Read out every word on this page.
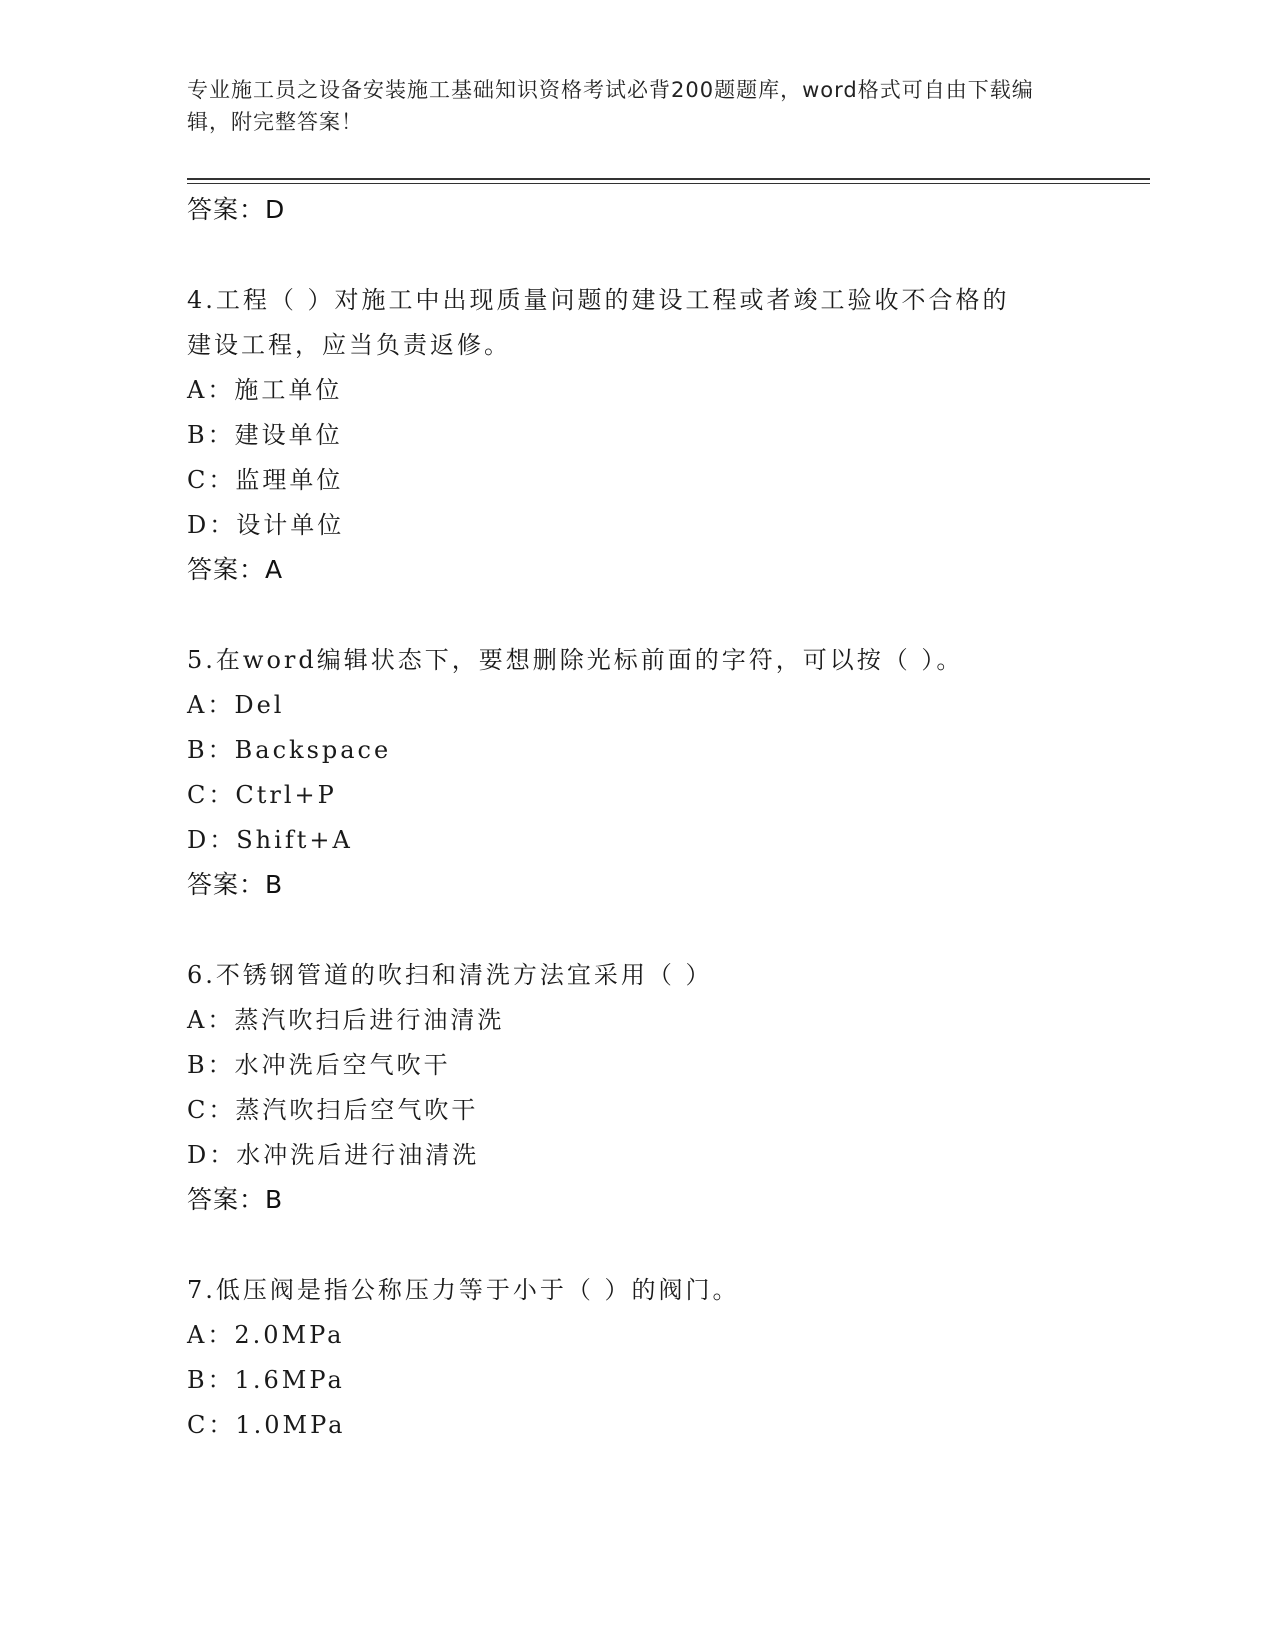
专业施工员之设备安装施工基础知识资格考试必背200题题库，word格式可自由下载编辑，附完整答案！
答案：D
4.工程（ ）对施工中出现质量问题的建设工程或者竣工验收不合格的
建设工程，应当负责返修。
A：施工单位
B：建设单位
C：监理单位
D：设计单位
答案：A
5.在word编辑状态下，要想删除光标前面的字符，可以按（ ）。
A：Del
B：Backspace
C：Ctrl+P
D：Shift+A
答案：B
6.不锈钢管道的吹扫和清洗方法宜采用（ ）
A：蒸汽吹扫后进行油清洗
B：水冲洗后空气吹干
C：蒸汽吹扫后空气吹干
D：水冲洗后进行油清洗
答案：B
7.低压阀是指公称压力等于小于（ ）的阀门。
A：2.0MPa
B：1.6MPa
C：1.0MPa
